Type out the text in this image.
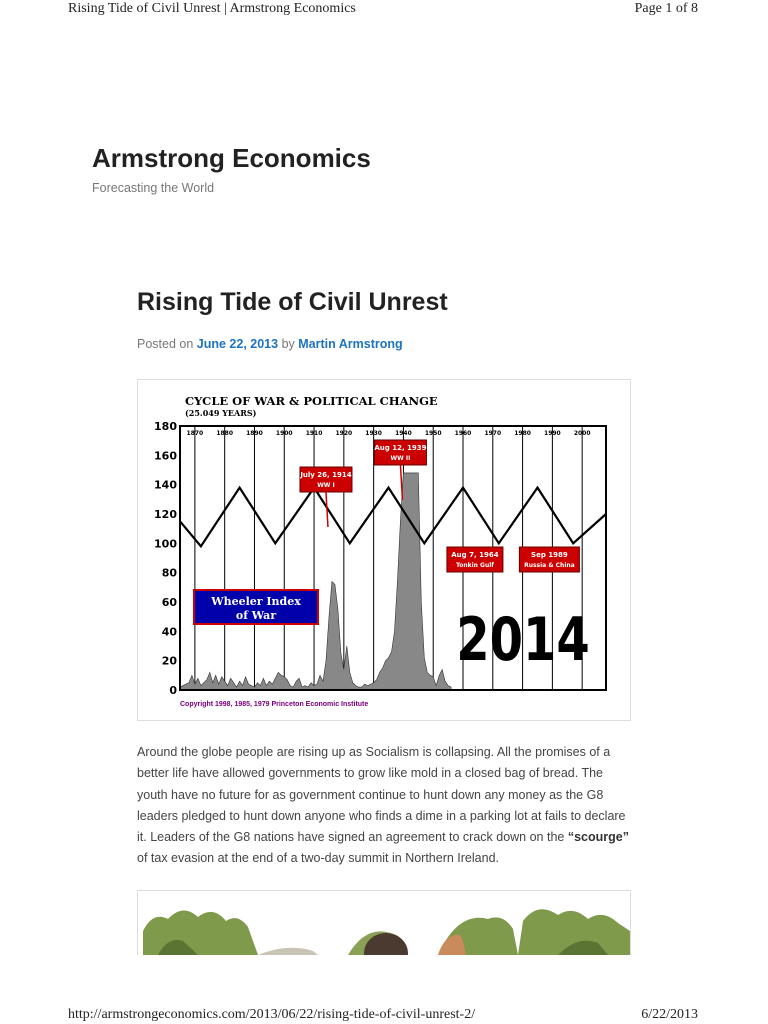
Rising Tide of Civil Unrest | Armstrong Economics	Page 1 of 8
Armstrong Economics
Forecasting the World
Rising Tide of Civil Unrest
Posted on June 22, 2013 by Martin Armstrong
CYCLE OF WAR & POLITICAL CHANGE
(25.049 YEARS)
Copyright 1998, 1985, 1979 Princeton Economic Institute
1870 1880 1890 1900 1910 1920 1930 1940 1950 1960 1970 1980 1990 2000
0
20
40
60
80
100
120
140
160
180
July 26, 1914
WW I
Aug 12, 1939
WW II
Aug 7, 1964
Tonkin Gulf
Sep 1989
Russia & China
Wheeler Index
of War	2014
Around the globe people are rising up as Socialism is collapsing. All the promises of a better life have allowed governments to grow like mold in a closed bag of bread. The youth have no future for as government continue to hunt down any money as the G8 leaders pledged to hunt down anyone who finds a dime in a parking lot at fails to declare it. Leaders of the G8 nations have signed an agreement to crack down on the “scourge” of tax evasion at the end of a two-day summit in Northern Ireland.
http://armstrongeconomics.com/2013/06/22/rising-tide-of-civil-unrest-2/	6/22/2013
